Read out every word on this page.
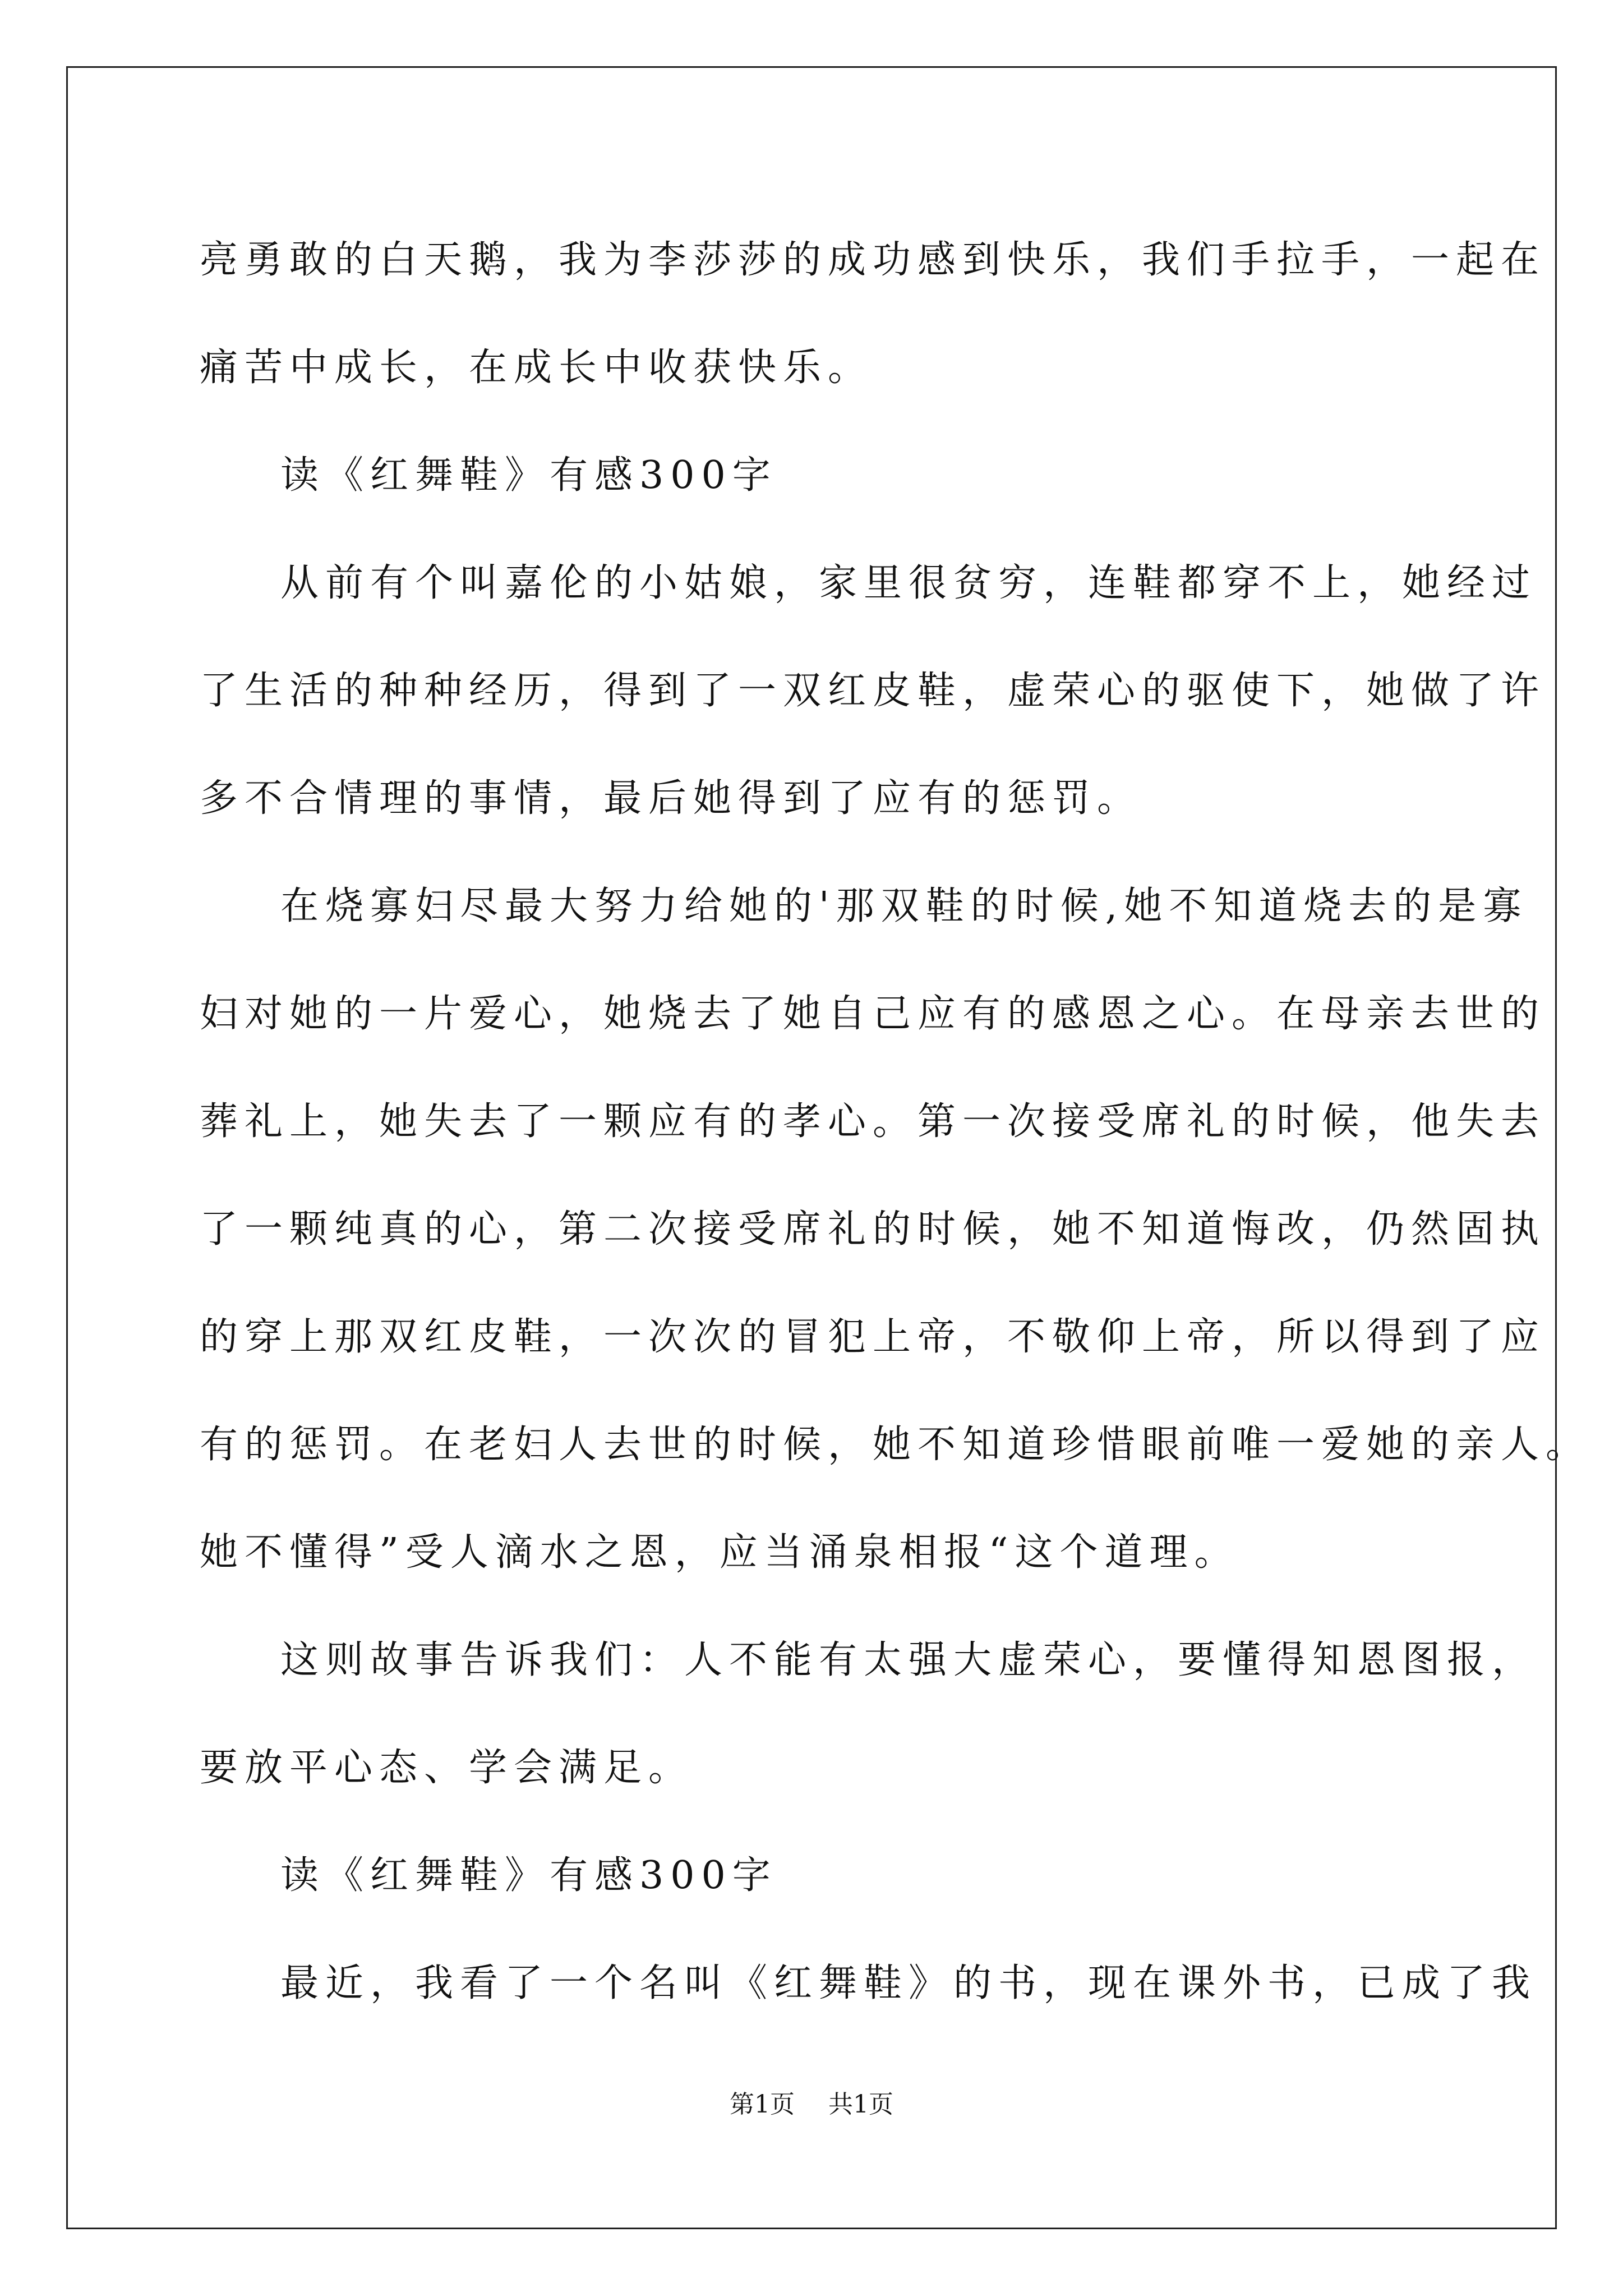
亮勇敢的白天鹅，我为李莎莎的成功感到快乐，我们手拉手，一起在
痛苦中成长，在成长中收获快乐。
读《红舞鞋》有感300字
从前有个叫嘉伦的小姑娘，家里很贫穷，连鞋都穿不上，她经过
了生活的种种经历，得到了一双红皮鞋，虚荣心的驱使下，她做了许
多不合情理的事情，最后她得到了应有的惩罚。
在烧寡妇尽最大努力给她的'那双鞋的时候,她不知道烧去的是寡
妇对她的一片爱心，她烧去了她自己应有的感恩之心。在母亲去世的
葬礼上，她失去了一颗应有的孝心。第一次接受席礼的时候，他失去
了一颗纯真的心，第二次接受席礼的时候，她不知道悔改，仍然固执
的穿上那双红皮鞋，一次次的冒犯上帝，不敬仰上帝，所以得到了应
有的惩罚。在老妇人去世的时候，她不知道珍惜眼前唯一爱她的亲人。
她不懂得”受人滴水之恩，应当涌泉相报“这个道理。
这则故事告诉我们：人不能有太强大虚荣心，要懂得知恩图报，
要放平心态、学会满足。
读《红舞鞋》有感300字
最近，我看了一个名叫《红舞鞋》的书，现在课外书，已成了我
第1页 共1页
